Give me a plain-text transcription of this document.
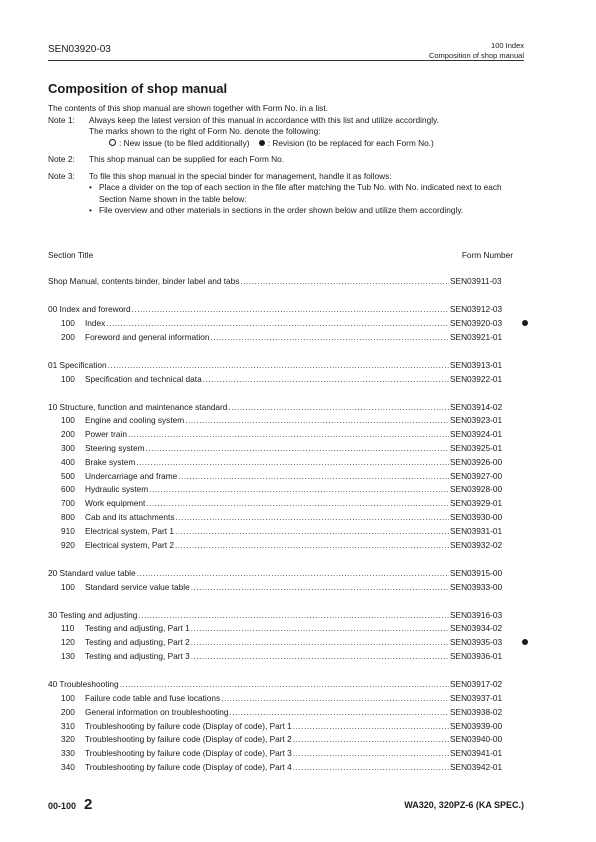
SEN03920-03	100 Index
Composition of shop manual
Composition of shop manual
The contents of this shop manual are shown together with Form No. in a list.
Note 1:	Always keep the latest version of this manual in accordance with this list and utilize accordingly.
The marks shown to the right of Form No. denote the following:
: New issue (to be filed additionally) : Revision (to be replaced for each Form No.)
Note 2:	This shop manual can be supplied for each Form No.
Note 3:	To file this shop manual in the special binder for management, handle it as follows:
• Place a divider on the top of each section in the file after matching the Tub No. with No. indicated next to each Section Name shown in the table below:
• File overview and other materials in sections in the order shown below and utilize them accordingly.
Section Title	Form Number
Shop Manual, contents binder, binder label and tabs .....	SEN03911-03
00 Index and foreword .....	SEN03912-03
100 Index .....	SEN03920-03
200 Foreword and general information .....	SEN03921-01
01 Specification .....	SEN03913-01
100 Specification and technical data .....	SEN03922-01
10 Structure, function and maintenance standard .....	SEN03914-02
100 Engine and cooling system .....	SEN03923-01
200 Power train .....	SEN03924-01
300 Steering system .....	SEN03925-01
400 Brake system .....	SEN03926-00
500 Undercarriage and frame .....	SEN03927-00
600 Hydraulic system .....	SEN03928-00
700 Work equipment .....	SEN03929-01
800 Cab and its attachments .....	SEN03930-00
910 Electrical system, Part 1 .....	SEN03931-01
920 Electrical system, Part 2 .....	SEN03932-02
20 Standard value table .....	SEN03915-00
100 Standard service value table .....	SEN03933-00
30 Testing and adjusting .....	SEN03916-03
110 Testing and adjusting, Part 1 .....	SEN03934-02
120 Testing and adjusting, Part 2 .....	SEN03935-03
130 Testing and adjusting, Part 3 .....	SEN03936-01
40 Troubleshooting .....	SEN03917-02
100 Failure code table and fuse locations .....	SEN03937-01
200 General information on troubleshooting .....	SEN03938-02
310 Troubleshooting by failure code (Display of code), Part 1 .....	SEN03939-00
320 Troubleshooting by failure code (Display of code), Part 2 .....	SEN03940-00
330 Troubleshooting by failure code (Display of code), Part 3 .....	SEN03941-01
340 Troubleshooting by failure code (Display of code), Part 4 .....	SEN03942-01
00-100 2	WA320, 320PZ-6 (KA SPEC.)
